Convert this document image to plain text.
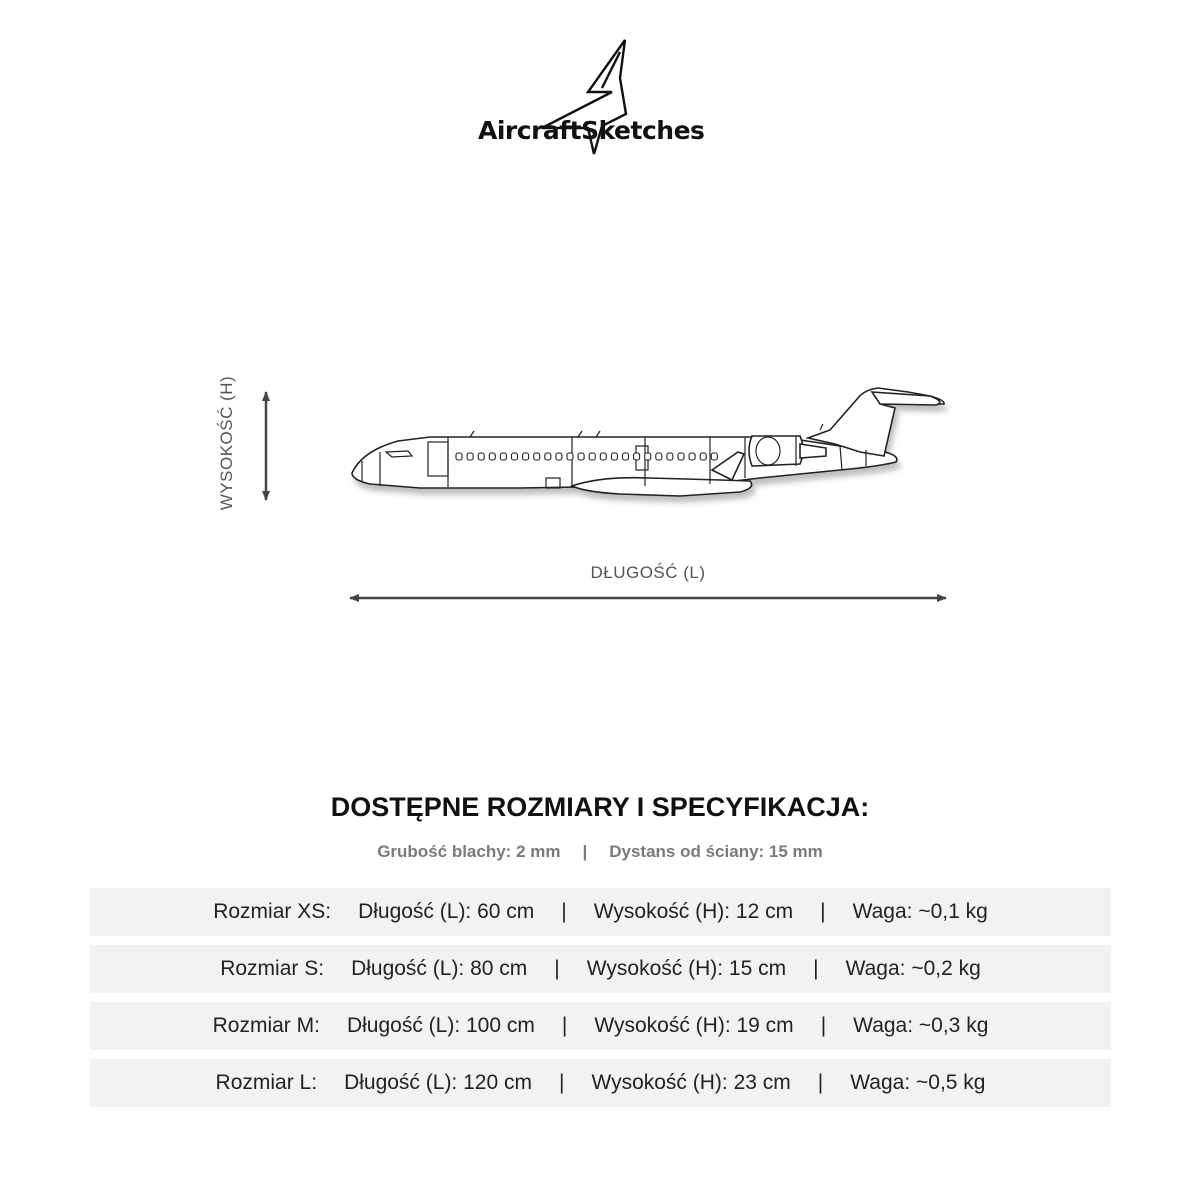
AircraftSketches
WYSOKOŚĆ (H)
DŁUGOŚĆ (L)
DOSTĘPNE ROZMIARY I SPECYFIKACJA:
Grubość blachy: 2 mm | Dystans od ściany: 15 mm
Rozmiar XS: Długość (L): 60 cm | Wysokość (H): 12 cm | Waga: ~0,1 kg
Rozmiar S: Długość (L): 80 cm | Wysokość (H): 15 cm | Waga: ~0,2 kg
Rozmiar M: Długość (L): 100 cm | Wysokość (H): 19 cm | Waga: ~0,3 kg
Rozmiar L: Długość (L): 120 cm | Wysokość (H): 23 cm | Waga: ~0,5 kg
